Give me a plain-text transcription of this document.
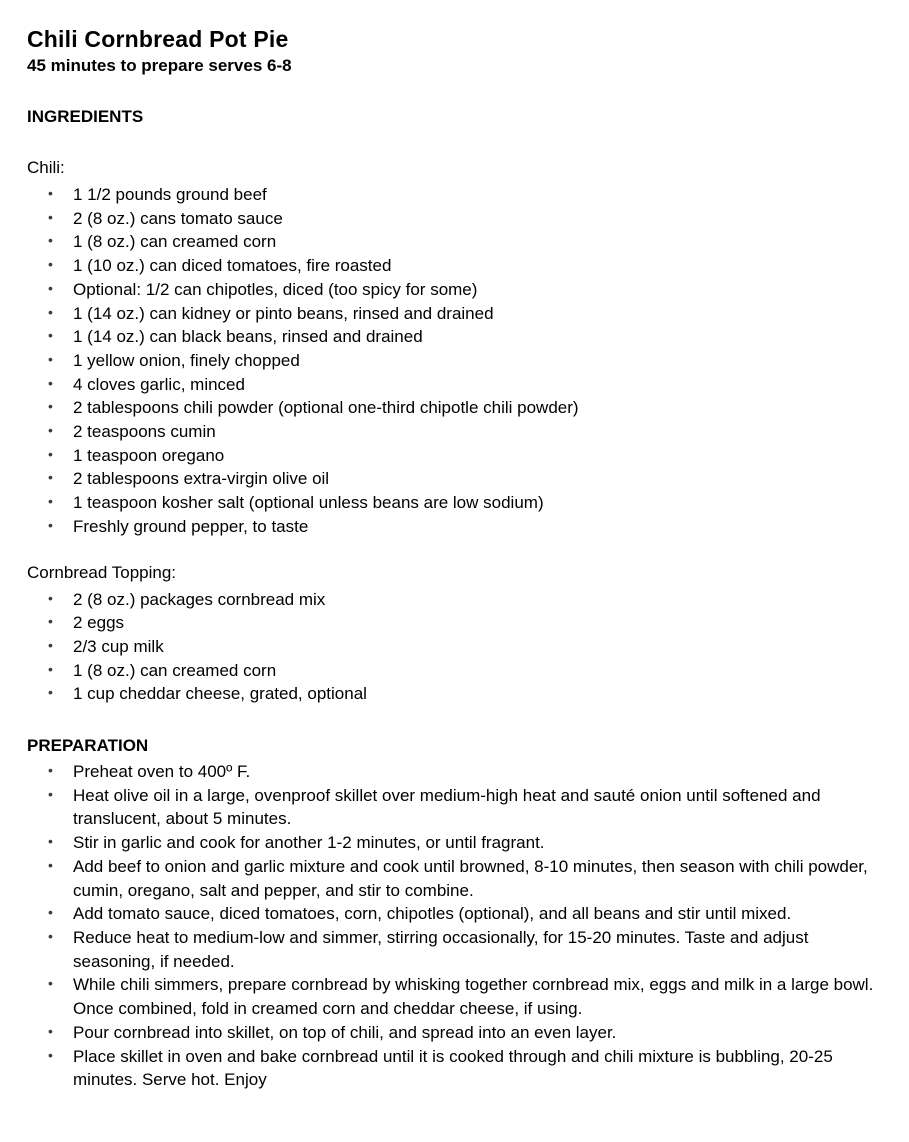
Chili Cornbread Pot Pie
45 minutes to prepare serves 6-8
INGREDIENTS
Chili:
• 1 1/2 pounds ground beef
• 2 (8 oz.) cans tomato sauce
• 1 (8 oz.) can creamed corn
• 1 (10 oz.) can diced tomatoes, fire roasted
• Optional: 1/2 can chipotles, diced (too spicy for some)
• 1 (14 oz.) can kidney or pinto beans, rinsed and drained
• 1 (14 oz.) can black beans, rinsed and drained
• 1 yellow onion, finely chopped
• 4 cloves garlic, minced
• 2 tablespoons chili powder (optional one-third chipotle chili powder)
• 2 teaspoons cumin
• 1 teaspoon oregano
• 2 tablespoons extra-virgin olive oil
• 1 teaspoon kosher salt (optional unless beans are low sodium)
• Freshly ground pepper, to taste
Cornbread Topping:
• 2 (8 oz.) packages cornbread mix
• 2 eggs
• 2/3 cup milk
• 1 (8 oz.) can creamed corn
• 1 cup cheddar cheese, grated, optional
PREPARATION
• Preheat oven to 400º F.
• Heat olive oil in a large, ovenproof skillet over medium-high heat and sauté onion until softened and translucent, about 5 minutes.
• Stir in garlic and cook for another 1-2 minutes, or until fragrant.
• Add beef to onion and garlic mixture and cook until browned, 8-10 minutes, then season with chili powder, cumin, oregano, salt and pepper, and stir to combine.
• Add tomato sauce, diced tomatoes, corn, chipotles (optional), and all beans and stir until mixed.
• Reduce heat to medium-low and simmer, stirring occasionally, for 15-20 minutes. Taste and adjust seasoning, if needed.
• While chili simmers, prepare cornbread by whisking together cornbread mix, eggs and milk in a large bowl. Once combined, fold in creamed corn and cheddar cheese, if using.
• Pour cornbread into skillet, on top of chili, and spread into an even layer.
• Place skillet in oven and bake cornbread until it is cooked through and chili mixture is bubbling, 20-25 minutes. Serve hot. Enjoy
